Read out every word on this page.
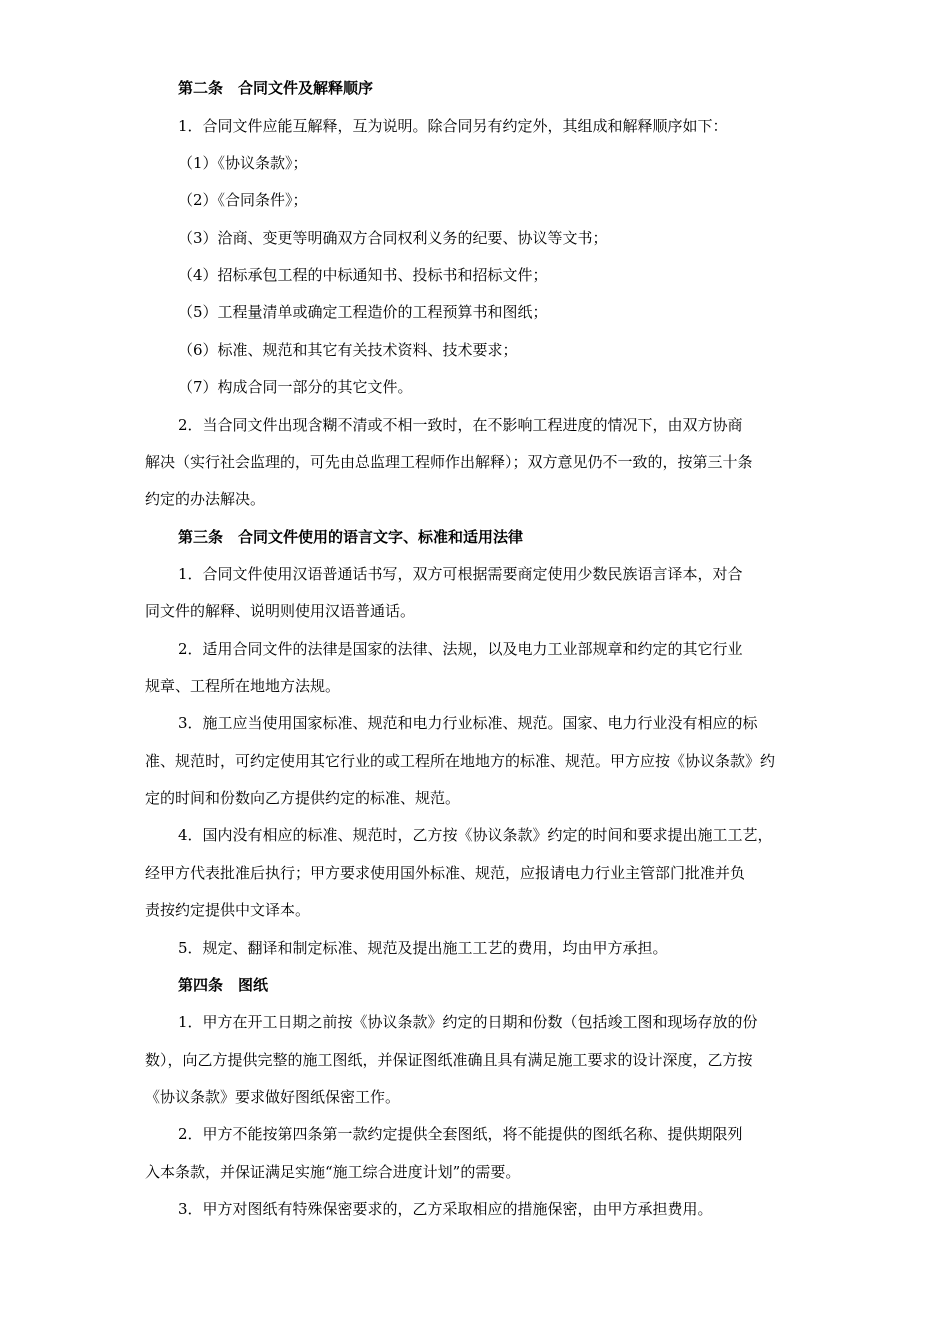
第二条　合同文件及解释顺序
1．合同文件应能互解释，互为说明。除合同另有约定外，其组成和解释顺序如下：
（1）《协议条款》；
（2）《合同条件》；
（3）洽商、变更等明确双方合同权利义务的纪要、协议等文书；
（4）招标承包工程的中标通知书、投标书和招标文件；
（5）工程量清单或确定工程造价的工程预算书和图纸；
（6）标准、规范和其它有关技术资料、技术要求；
（7）构成合同一部分的其它文件。
2．当合同文件出现含糊不清或不相一致时，在不影响工程进度的情况下，由双方协商
解决（实行社会监理的，可先由总监理工程师作出解释）；双方意见仍不一致的，按第三十条
约定的办法解决。
第三条　合同文件使用的语言文字、标准和适用法律
1．合同文件使用汉语普通话书写，双方可根据需要商定使用少数民族语言译本，对合
同文件的解释、说明则使用汉语普通话。
2．适用合同文件的法律是国家的法律、法规，以及电力工业部规章和约定的其它行业
规章、工程所在地地方法规。
3．施工应当使用国家标准、规范和电力行业标准、规范。国家、电力行业没有相应的标
准、规范时，可约定使用其它行业的或工程所在地地方的标准、规范。甲方应按《协议条款》约
定的时间和份数向乙方提供约定的标准、规范。
4．国内没有相应的标准、规范时，乙方按《协议条款》约定的时间和要求提出施工工艺，
经甲方代表批准后执行；甲方要求使用国外标准、规范，应报请电力行业主管部门批准并负
责按约定提供中文译本。
5．规定、翻译和制定标准、规范及提出施工工艺的费用，均由甲方承担。
第四条　图纸
1．甲方在开工日期之前按《协议条款》约定的日期和份数（包括竣工图和现场存放的份
数），向乙方提供完整的施工图纸，并保证图纸准确且具有满足施工要求的设计深度，乙方按
《协议条款》要求做好图纸保密工作。
2．甲方不能按第四条第一款约定提供全套图纸，将不能提供的图纸名称、提供期限列
入本条款，并保证满足实施“施工综合进度计划”的需要。
3．甲方对图纸有特殊保密要求的，乙方采取相应的措施保密，由甲方承担费用。
